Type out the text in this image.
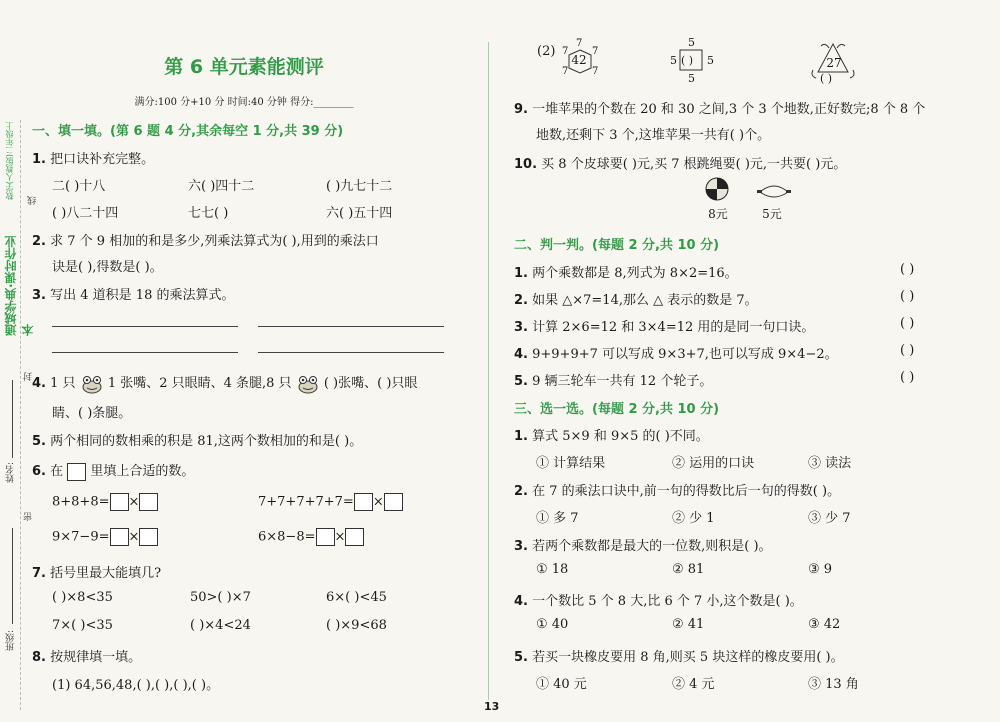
数学(人教版)二年级上
通城学典·课时作业本
线
封
密
姓名:
班级:
第 6 单元素能测评
满分:100 分+10 分 时间:40 分钟 得分:________
一、填一填。(第 6 题 4 分,其余每空 1 分,共 39 分)
1. 把口诀补充完整。
二( )十八	六( )四十二	( )九七十二
( )八二十四	七七( )	六( )五十四
2. 求 7 个 9 相加的和是多少,列乘法算式为( ),用到的乘法口
诀是( ),得数是( )。
3. 写出 4 道积是 18 的乘法算式。
4. 1 只 1 张嘴、2 只眼睛、4 条腿,8 只 ( )张嘴、( )只眼
睛、( )条腿。
5. 两个相同的数相乘的积是 81,这两个数相加的和是( )。
6. 在 里填上合适的数。
8+8+8= ×	7+7+7+7+7= ×
9×7−9= ×	6×8−8= ×
7. 括号里最大能填几?
( )×8<35	50>( )×7	6×( )<45
7×( )<35	( )×4<24	( )×9<68
8. 按规律填一填。
(1) 64,56,48,( ),( ),( ),( )。
(2)
42
7
7 7
7 7
5
5	5
5
( )	27
( )
9. 一堆苹果的个数在 20 和 30 之间,3 个 3 个地数,正好数完;8 个 8 个
地数,还剩下 3 个,这堆苹果一共有( )个。
10. 买 8 个皮球要( )元,买 7 根跳绳要( )元,一共要( )元。
8元	5元
二、判一判。(每题 2 分,共 10 分)
1. 两个乘数都是 8,列式为 8×2=16。	( )
2. 如果 △×7=14,那么 △ 表示的数是 7。	( )
3. 计算 2×6=12 和 3×4=12 用的是同一句口诀。	( )
4. 9+9+9+7 可以写成 9×3+7,也可以写成 9×4−2。	( )
5. 9 辆三轮车一共有 12 个轮子。	( )
三、选一选。(每题 2 分,共 10 分)
1. 算式 5×9 和 9×5 的( )不同。
① 计算结果	② 运用的口诀	③ 读法
2. 在 7 的乘法口诀中,前一句的得数比后一句的得数( )。
① 多 7	② 少 1	③ 少 7
3. 若两个乘数都是最大的一位数,则积是( )。
① 18	② 81	③ 9
4. 一个数比 5 个 8 大,比 6 个 7 小,这个数是( )。
① 40	② 41	③ 42
5. 若买一块橡皮要用 8 角,则买 5 块这样的橡皮要用( )。
① 40 元	② 4 元	③ 13 角
13
